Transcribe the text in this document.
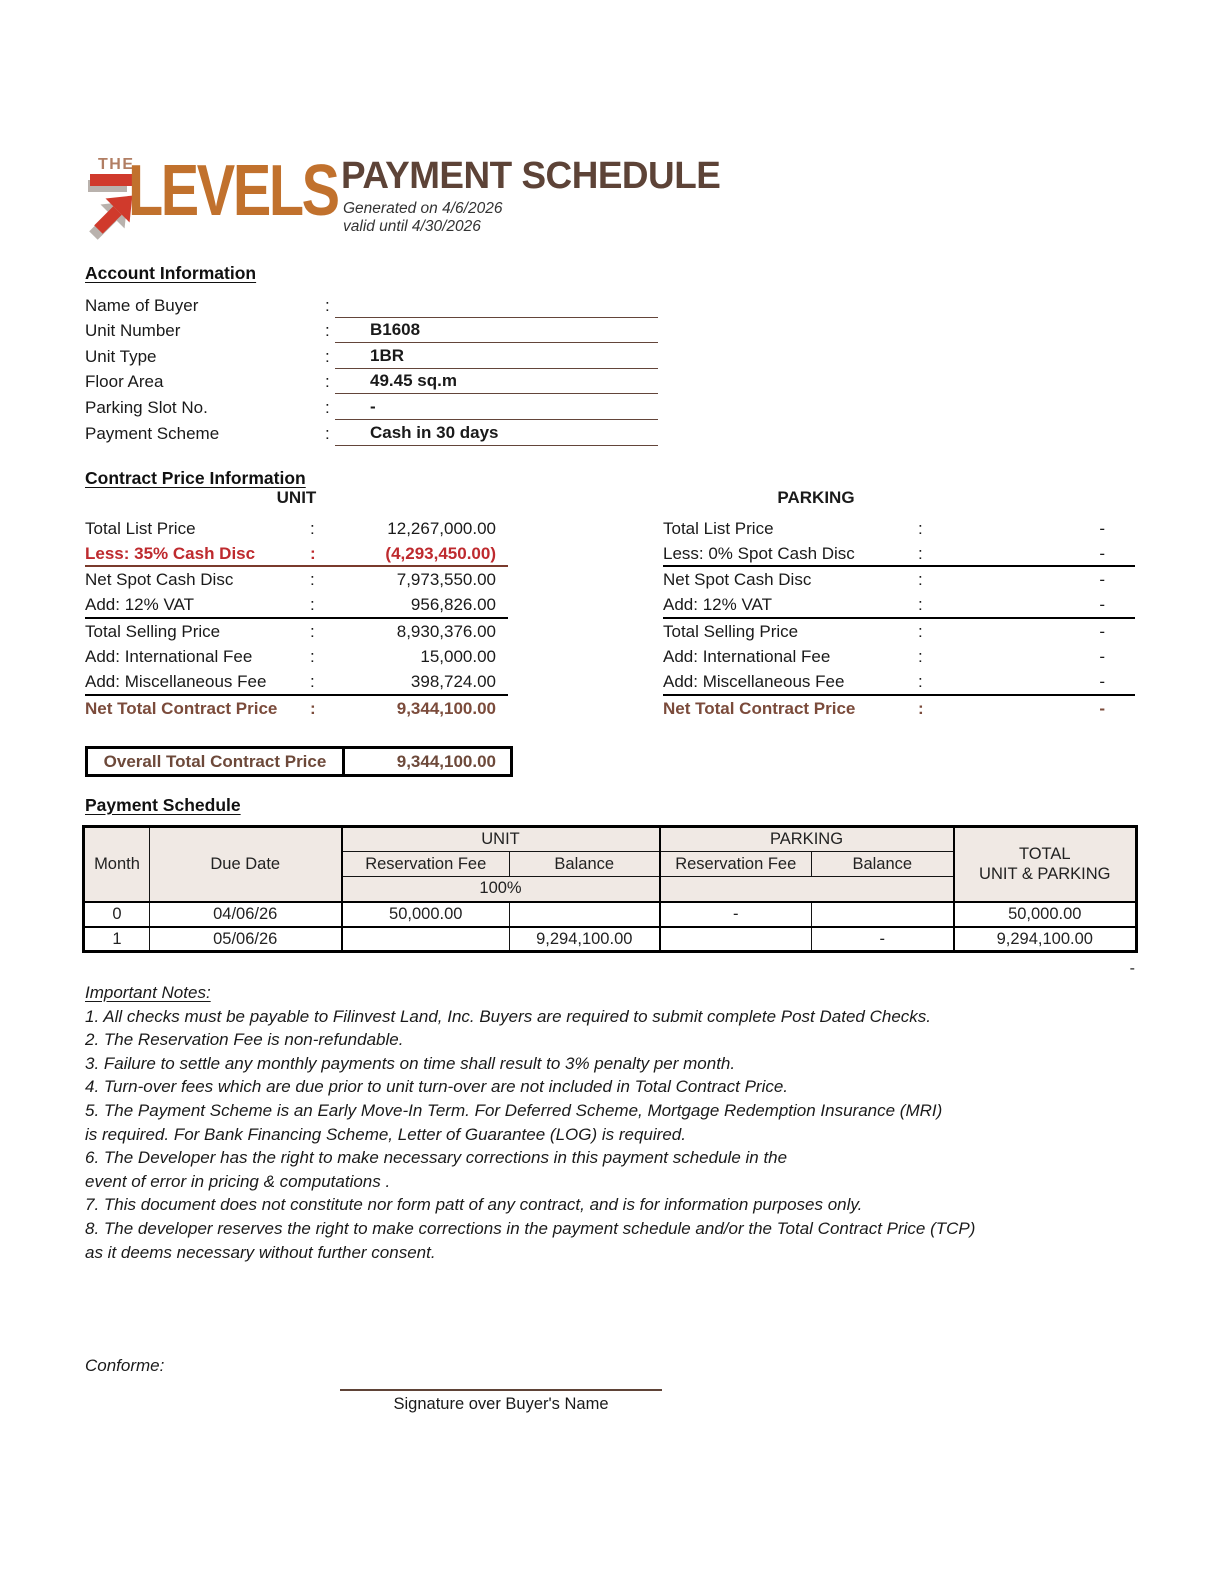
THE
LEVELS PAYMENT SCHEDULE
Generated on 4/6/2026
valid until 4/30/2026
Account Information
Name of Buyer	:
Unit Number	:	B1608
Unit Type	:	1BR
Floor Area	:	49.45 sq.m
Parking Slot No.	:	-
Payment Scheme	:	Cash in 30 days
Contract Price Information
UNIT
Total List Price	:	12,267,000.00
Less: 35% Cash Disc	:	(4,293,450.00)
Net Spot Cash Disc	:	7,973,550.00
Add: 12% VAT	:	956,826.00
Total Selling Price	:	8,930,376.00
Add: International Fee	:	15,000.00
Add: Miscellaneous Fee	:	398,724.00
Net Total Contract Price	:	9,344,100.00
PARKING
Total List Price	:	-
Less: 0% Spot Cash Disc	:	-
Net Spot Cash Disc	:	-
Add: 12% VAT	:	-
Total Selling Price	:	-
Add: International Fee	:	-
Add: Miscellaneous Fee	:	-
Net Total Contract Price	:	-
Overall Total Contract Price	9,344,100.00
Payment Schedule
Month	Due Date	UNIT		PARKING		TOTAL
UNIT & PARKING

		Reservation Fee	Balance	Reservation Fee	Balance	
		100%				
0	04/06/26	50,000.00		-		50,000.00
1	05/06/26		9,294,100.00		-	9,294,100.00
-
Important Notes:
1. All checks must be payable to Filinvest Land, Inc. Buyers are required to submit complete Post Dated Checks.
2. The Reservation Fee is non-refundable.
3. Failure to settle any monthly payments on time shall result to 3% penalty per month.
4. Turn-over fees which are due prior to unit turn-over are not included in Total Contract Price.
5. The Payment Scheme is an Early Move-In Term. For Deferred Scheme, Mortgage Redemption Insurance (MRI)
is required. For Bank Financing Scheme, Letter of Guarantee (LOG) is required.
6. The Developer has the right to make necessary corrections in this payment schedule in the
event of error in pricing & computations .
7. This document does not constitute nor form patt of any contract, and is for information purposes only.
8. The developer reserves the right to make corrections in the payment schedule and/or the Total Contract Price (TCP)
as it deems necessary without further consent.
Conforme:
Signature over Buyer's Name
